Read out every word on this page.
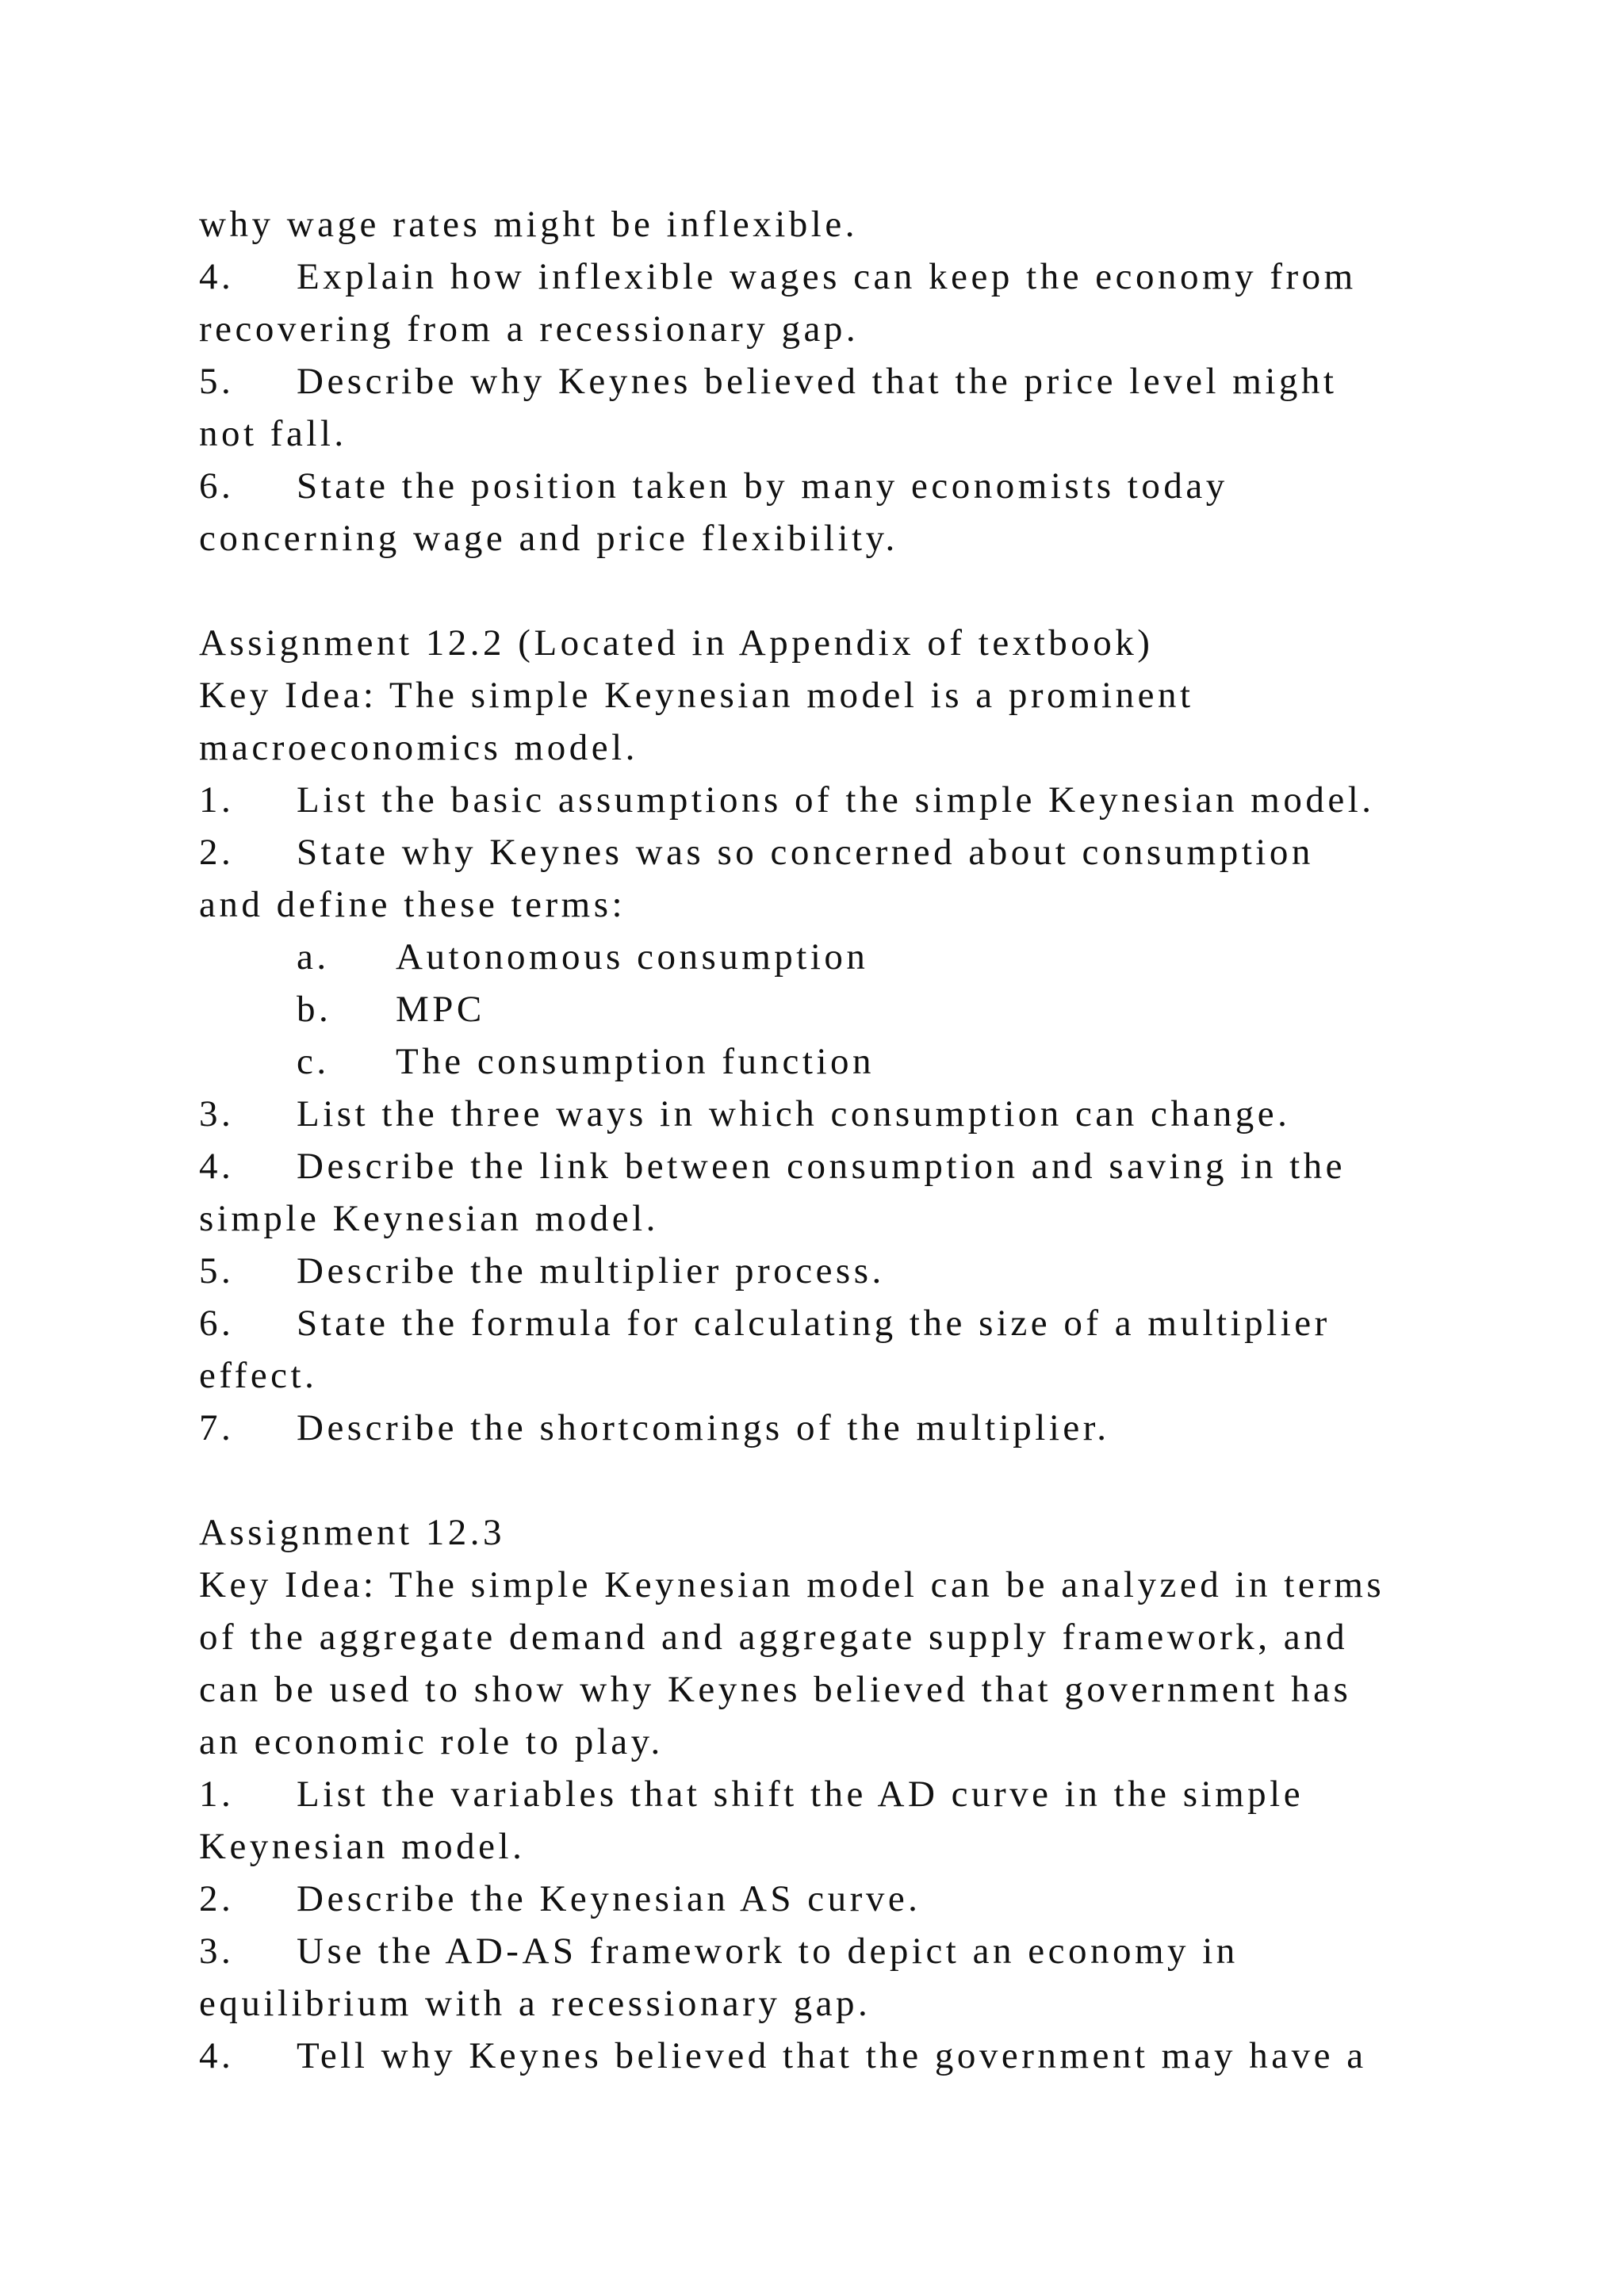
why wage rates might be inflexible.
4. Explain how inflexible wages can keep the economy from
recovering from a recessionary gap.
5. Describe why Keynes believed that the price level might
not fall.
6. State the position taken by many economists today
concerning wage and price flexibility.
Assignment 12.2 (Located in Appendix of textbook)
Key Idea: The simple Keynesian model is a prominent
macroeconomics model.
1. List the basic assumptions of the simple Keynesian model.
2. State why Keynes was so concerned about consumption
and define these terms:
a. Autonomous consumption
b. MPC
c. The consumption function
3. List the three ways in which consumption can change.
4. Describe the link between consumption and saving in the
simple Keynesian model.
5. Describe the multiplier process.
6. State the formula for calculating the size of a multiplier
effect.
7. Describe the shortcomings of the multiplier.
Assignment 12.3
Key Idea: The simple Keynesian model can be analyzed in terms
of the aggregate demand and aggregate supply framework, and
can be used to show why Keynes believed that government has
an economic role to play.
1. List the variables that shift the AD curve in the simple
Keynesian model.
2. Describe the Keynesian AS curve.
3. Use the AD-AS framework to depict an economy in
equilibrium with a recessionary gap.
4. Tell why Keynes believed that the government may have a
